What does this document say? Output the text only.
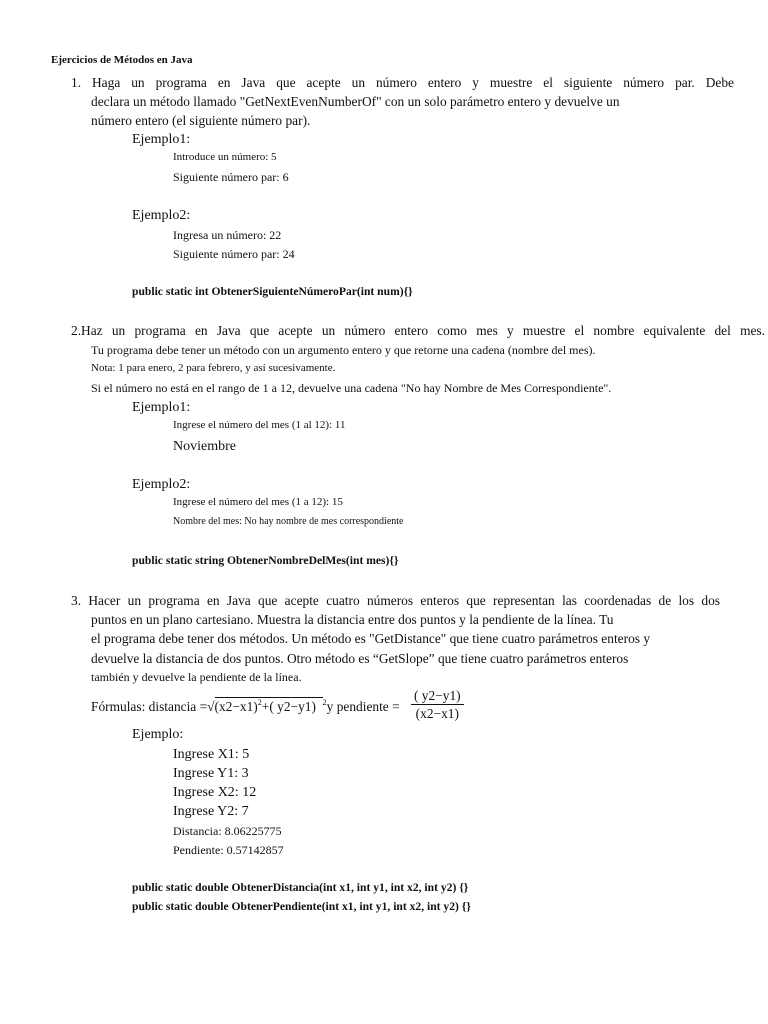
Ejercicios de Métodos en Java
1. Haga un programa en Java que acepte un número entero y muestre el siguiente número par. Debe
declara un método llamado "GetNextEvenNumberOf" con un solo parámetro entero y devuelve un
número entero (el siguiente número par).
Ejemplo1:
Introduce un número: 5
Siguiente número par: 6
Ejemplo2:
Ingresa un número: 22
Siguiente número par: 24
public static int ObtenerSiguienteNúmeroPar(int num){}
2.Haz un programa en Java que acepte un número entero como mes y muestre el nombre equivalente del mes.
Tu programa debe tener un método con un argumento entero y que retorne una cadena (nombre del mes).
Nota: 1 para enero, 2 para febrero, y así sucesivamente.
Si el número no está en el rango de 1 a 12, devuelve una cadena "No hay Nombre de Mes Correspondiente".
Ejemplo1:
Ingrese el número del mes (1 al 12): 11
Noviembre
Ejemplo2:
Ingrese el número del mes (1 a 12): 15
Nombre del mes: No hay nombre de mes correspondiente
public static string ObtenerNombreDelMes(int mes){}
3. Hacer un programa en Java que acepte cuatro números enteros que representan las coordenadas de los dos
puntos en un plano cartesiano. Muestra la distancia entre dos puntos y la pendiente de la línea. Tu
el programa debe tener dos métodos. Un método es "GetDistance" que tiene cuatro parámetros enteros y
devuelve la distancia de dos puntos. Otro método es “GetSlope” que tiene cuatro parámetros enteros
también y devuelve la pendiente de la línea.
Fórmulas: distancia $=√(x2-x1)^2+$( y2−y1) $^2$y pendiente =
( y2−y1)
(x2−x1)
Ejemplo:
Ingrese X1: 5
Ingrese Y1: 3
Ingrese X2: 12
Ingrese Y2: 7
Distancia: 8.06225775
Pendiente: 0.57142857
public static double ObtenerDistancia(int x1, int y1, int x2, int y2) {}
public static double ObtenerPendiente(int x1, int y1, int x2, int y2) {}
